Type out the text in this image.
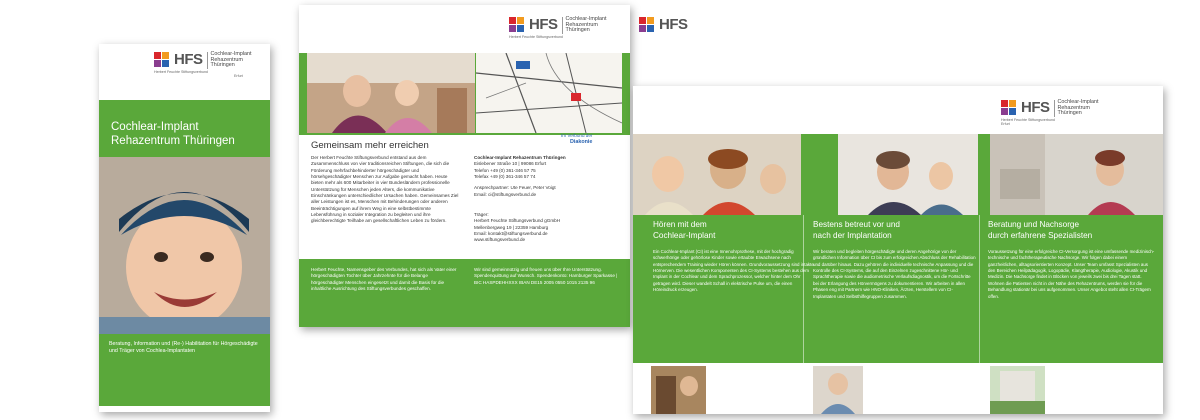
HFS Cochlear-Implant
Rehazentrum
Thüringen
Herbert Feuchte Stiftungsverbund
Erfurt
Cochlear-Implant
Rehazentrum Thüringen
Beratung, Information und (Re-) Habilitation für Hörgeschädigte und Träger von Cochlea-Implantaten
HFS Cochlear-Implant
Rehazentrum
Thüringen
Herbert Feuchte Stiftungsverbund
HFS
Gemeinsam mehr erreichen
Im Verbund der
Diakonie
Der Herbert Feuchte Stiftungsverbund entstand aus dem Zusammenschluss von vier traditionsreichen Stiftungen, die sich die Förderung mehrfachbehinderter hörgeschädigter und hörsehgeschädigter Menschen zur Aufgabe gemacht haben. Heute bieten mehr als 600 Mitarbeiter in vier Bundesländern professionelle Unterstützung für Menschen jeden Alters, die kommunikative Einschränkungen unterschiedlicher Ursachen haben. Gemeinsames Ziel aller Leistungen ist es, Menschen mit Behinderungen oder anderen Beeinträchtigungen auf ihrem Weg in eine selbstbestimmte Lebensführung in sozialer Integration zu begleiten und ihre gleichberechtigte Teilhabe am gesellschaftlichen Leben zu fördern.
Cochlear-Implant Rehazentrum Thüringen
Eislebener Straße 10 | 99086 Erfurt
Telefon +49 (0) 361-346 57 75
Telefax +49 (0) 361-346 57 74
Ansprechpartner: Ute Feuer, Peter Voigt
Email: ci@stiftungsverbund.de
Träger:
Herbert Feuchte Stiftungsverbund gGmbH
Mellenbergweg 19 | 22359 Hamburg
Email: kontakt@stiftungsverbund.de
www.stiftungsverbund.de
Herbert Feuchte, Namensgeber des Verbundes, hat sich als Vater einer hörgeschädigten Tochter über Jahrzehnte für die Belange hörgeschädigter Menschen eingesetzt und damit die Basis für die inhaltliche Ausrichtung des Stiftungsverbundes geschaffen.
Wir sind gemeinnützig und freuen uns über Ihre Unterstützung. Spendenquittung auf Wunsch. Spendenkonto: Hamburger Sparkasse | BIC HASPDEHHXXX IBAN DE15 2005 0550 1015 2135 96
HFS Cochlear-Implant
Rehazentrum
Thüringen
Herbert Feuchte Stiftungsverbund
Erfurt
Hören mit dem
Cochlear-Implant
Ein Cochlear-Implant (CI) ist eine Innenohrprothese, mit der hochgradig schwerhörige oder gehörlose Kinder sowie ertaubte Erwachsene nach entsprechendem Training wieder Hören können. Grundvoraussetzung sind intakte Hörnerven. Die wesentlichen Komponenten des CI-Systems bestehen aus dem Implant in der Cochlear und dem Sprachprozessor, welcher hinter dem Ohr getragen wird. Dieser wandelt Schall in elektrische Pulse um, die einen Höreindruck erzeugen.
Bestens betreut vor und
nach der Implantation
Wir beraten und begleiten hörgeschädigte und deren Angehörige von der gründlichen Information über CI bis zum erfolgreichen Abschluss der Rehabilitation und darüber hinaus. Dazu gehören die individuelle technische Anpassung und die Kontrolle des CI-Systems, die auf den Einzelnen zugeschnittene Hör- und Sprachtherapie sowie die audiometrische Verlaufsdiagnostik, um die Fortschritte bei der Erlangung des Hörvermögens zu dokumentieren. Wir arbeiten in allen Phasen eng mit Partnern wie HNO-Kliniken, Ärzten, Herstellern von CI-Implantaten und Selbsthilfegruppen zusammen.
Beratung und Nachsorge
durch erfahrene Spezialisten
Voraussetzung für eine erfolgreiche CI-Versorgung ist eine umfassende medizinisch-technische und fachtherapeutische Nachsorge. Wir folgen dabei einem ganzheitlichen, alltagsorientierten Konzept. Unser Team umfasst Spezialisten aus den Bereichen Heilpädagogik, Logopädie, Klangtherapie, Audiologie, Akustik und Medizin. Die Nachsorge findet in Blöcken von jeweils zwei bis drei Tagen statt. Wohnen die Patienten nicht in der Nähe des Rehazentrums, werden sie für die Behandlung stationär bei uns aufgenommen. Unser Angebot steht allen CI-Trägern offen.
